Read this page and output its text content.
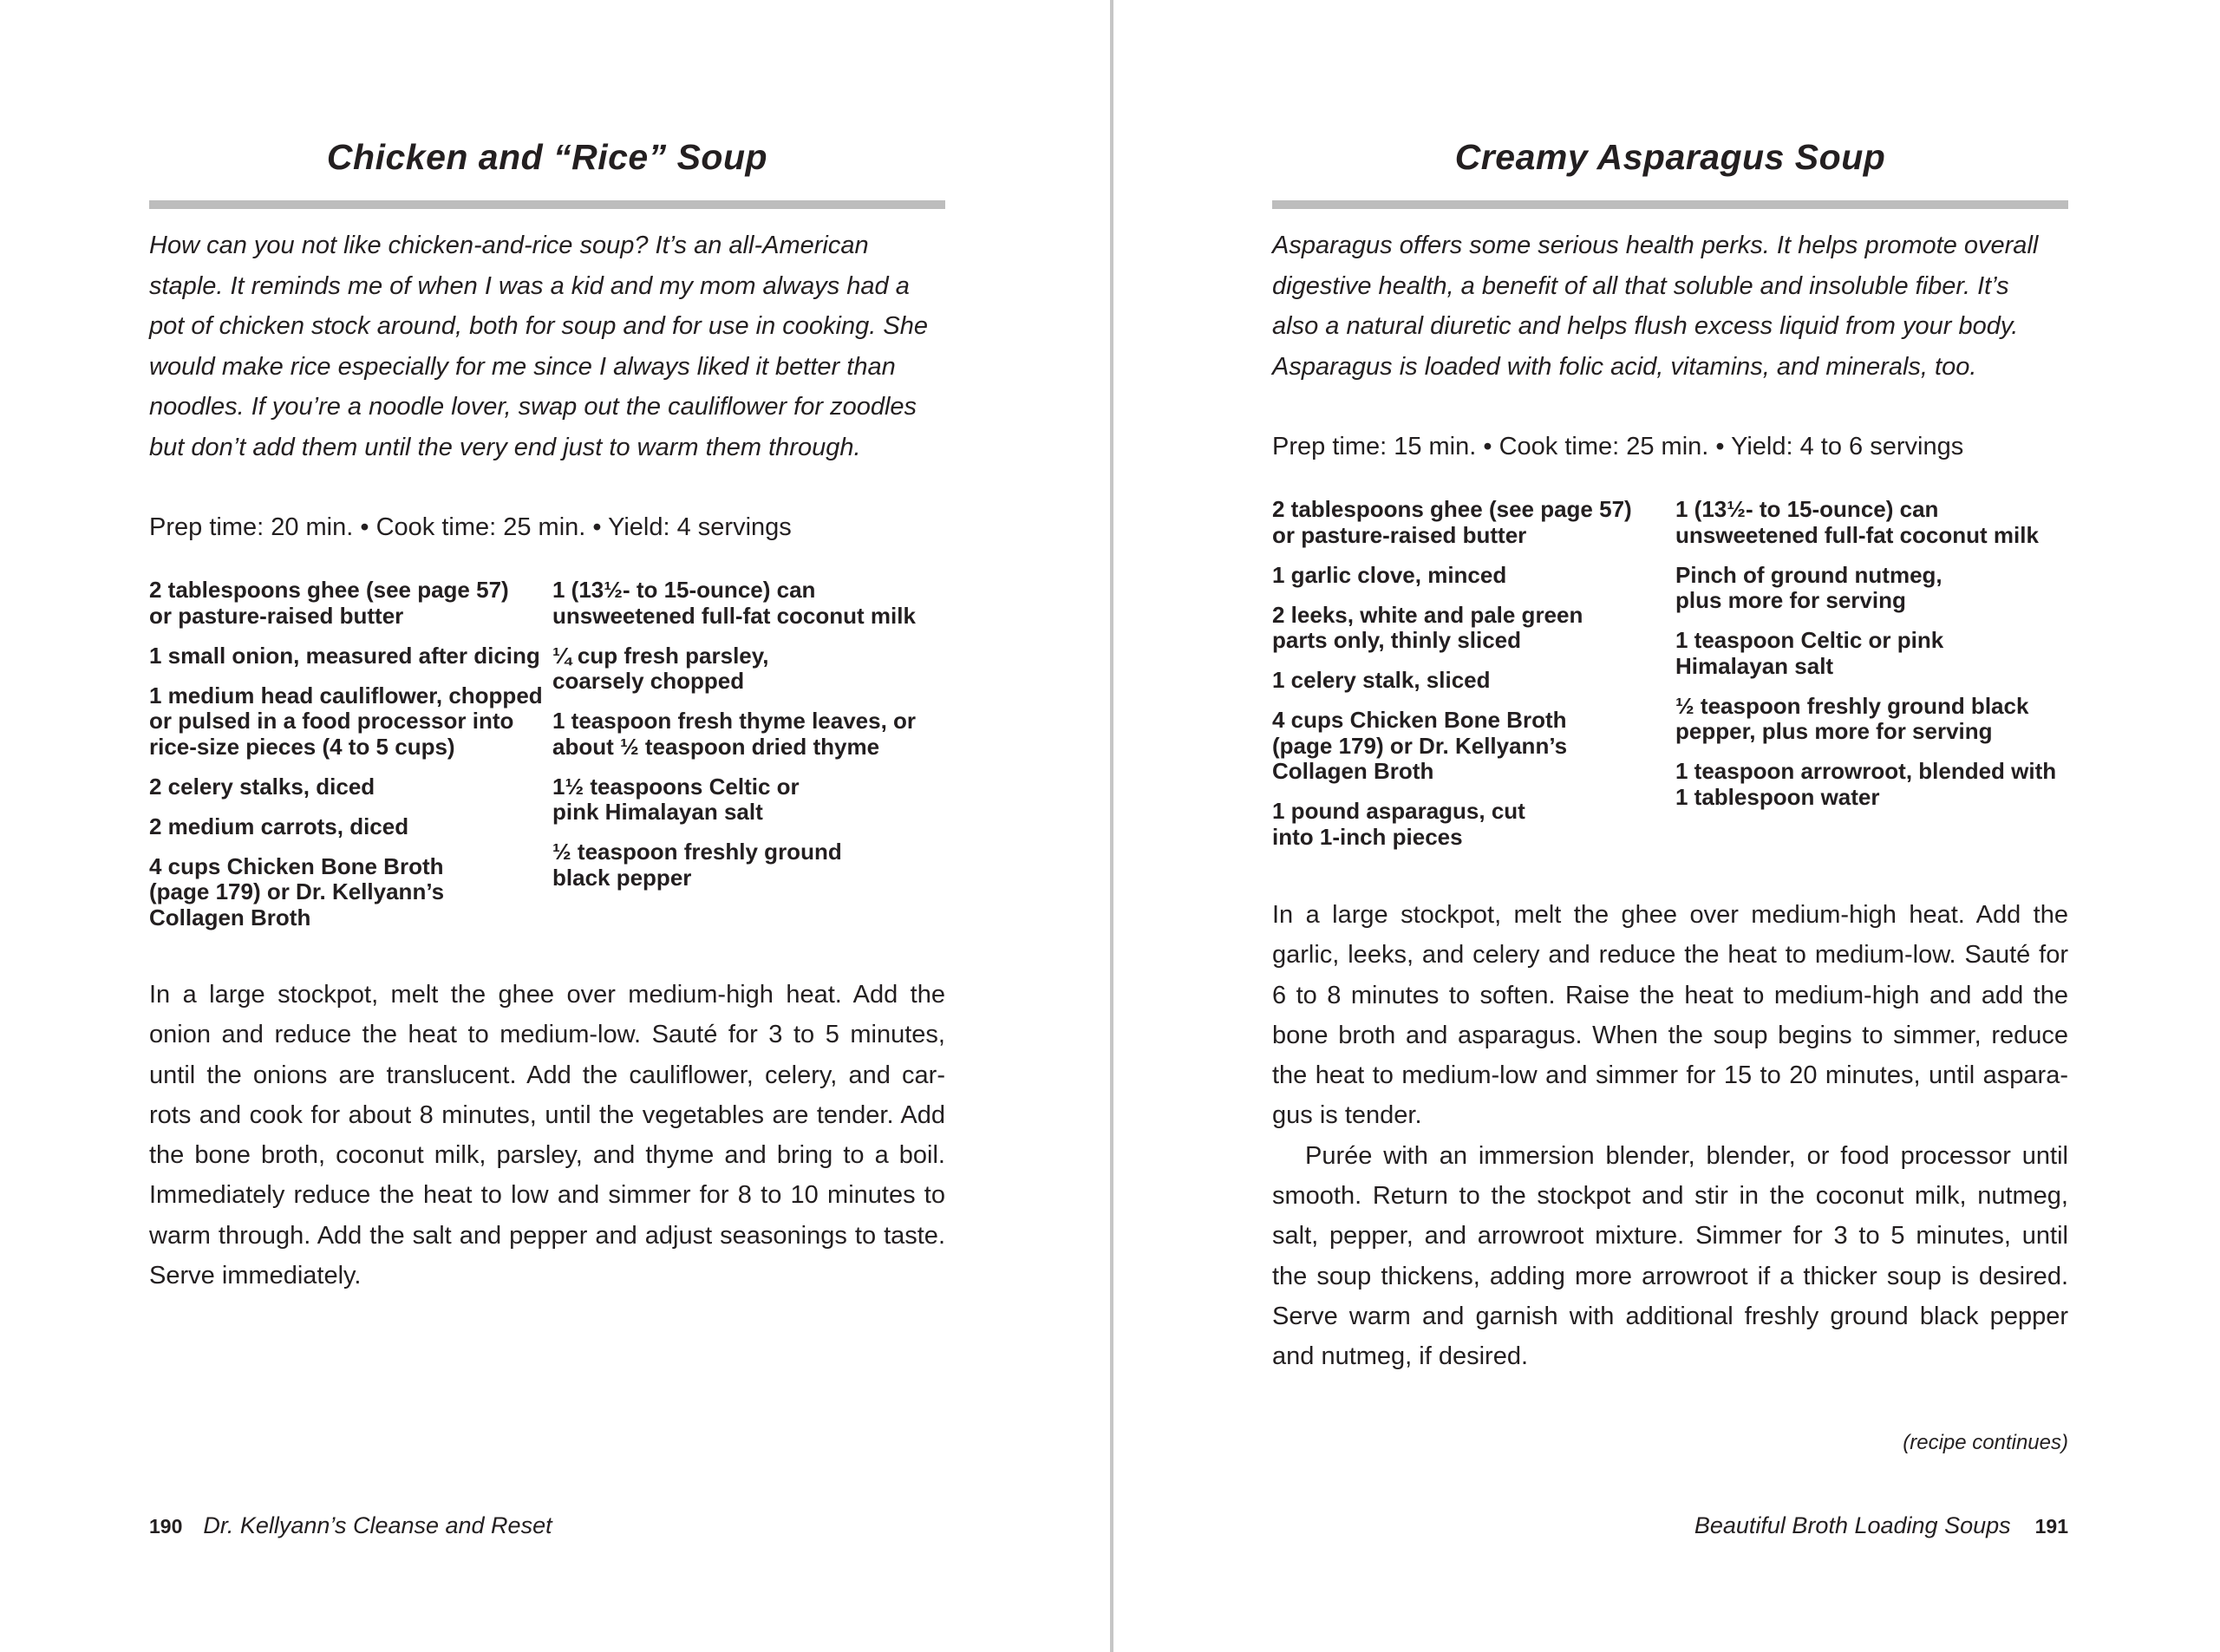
Chicken and “Rice” Soup
How can you not like chicken-and-rice soup? It’s an all-American
staple. It reminds me of when I was a kid and my mom always had a
pot of chicken stock around, both for soup and for use in cooking. She
would make rice especially for me since I always liked it better than
noodles. If you’re a noodle lover, swap out the cauliflower for zoodles
but don’t add them until the very end just to warm them through.
Prep time: 20 min. • Cook time: 25 min. • Yield: 4 servings
2 tablespoons ghee (see page 57)
or pasture-raised butter
1 small onion, measured after dicing
1 medium head cauliflower, chopped
or pulsed in a food processor into
rice-size pieces (4 to 5 cups)
2 celery stalks, diced
2 medium carrots, diced
4 cups Chicken Bone Broth
(page 179) or Dr. Kellyann’s
Collagen Broth
1 (13½- to 15-ounce) can
unsweetened full-fat coconut milk
¼ cup fresh parsley,
coarsely chopped
1 teaspoon fresh thyme leaves, or
about ½ teaspoon dried thyme
1½ teaspoons Celtic or
pink Himalayan salt
½ teaspoon freshly ground
black pepper
In a large stockpot, melt the ghee over medium-high heat. Add the
onion and reduce the heat to medium-low. Sauté for 3 to 5 minutes,
until the onions are translucent. Add the cauliflower, celery, and car-
rots and cook for about 8 minutes, until the vegetables are tender. Add
the bone broth, coconut milk, parsley, and thyme and bring to a boil.
Immediately reduce the heat to low and simmer for 8 to 10 minutes to
warm through. Add the salt and pepper and adjust seasonings to taste.
Serve immediately.
190 Dr. Kellyann’s Cleanse and Reset
Creamy Asparagus Soup
Asparagus offers some serious health perks. It helps promote overall
digestive health, a benefit of all that soluble and insoluble fiber. It’s
also a natural diuretic and helps flush excess liquid from your body.
Asparagus is loaded with folic acid, vitamins, and minerals, too.
Prep time: 15 min. • Cook time: 25 min. • Yield: 4 to 6 servings
2 tablespoons ghee (see page 57)
or pasture-raised butter
1 garlic clove, minced
2 leeks, white and pale green
parts only, thinly sliced
1 celery stalk, sliced
4 cups Chicken Bone Broth
(page 179) or Dr. Kellyann’s
Collagen Broth
1 pound asparagus, cut
into 1-inch pieces
1 (13½- to 15-ounce) can
unsweetened full-fat coconut milk
Pinch of ground nutmeg,
plus more for serving
1 teaspoon Celtic or pink
Himalayan salt
½ teaspoon freshly ground black
pepper, plus more for serving
1 teaspoon arrowroot, blended with
1 tablespoon water
In a large stockpot, melt the ghee over medium-high heat. Add the
garlic, leeks, and celery and reduce the heat to medium-low. Sauté for
6 to 8 minutes to soften. Raise the heat to medium-high and add the
bone broth and asparagus. When the soup begins to simmer, reduce
the heat to medium-low and simmer for 15 to 20 minutes, until aspara-
gus is tender.
Purée with an immersion blender, blender, or food processor until
smooth. Return to the stockpot and stir in the coconut milk, nutmeg,
salt, pepper, and arrowroot mixture. Simmer for 3 to 5 minutes, until
the soup thickens, adding more arrowroot if a thicker soup is desired.
Serve warm and garnish with additional freshly ground black pepper
and nutmeg, if desired.
(recipe continues)
Beautiful Broth Loading Soups 191
